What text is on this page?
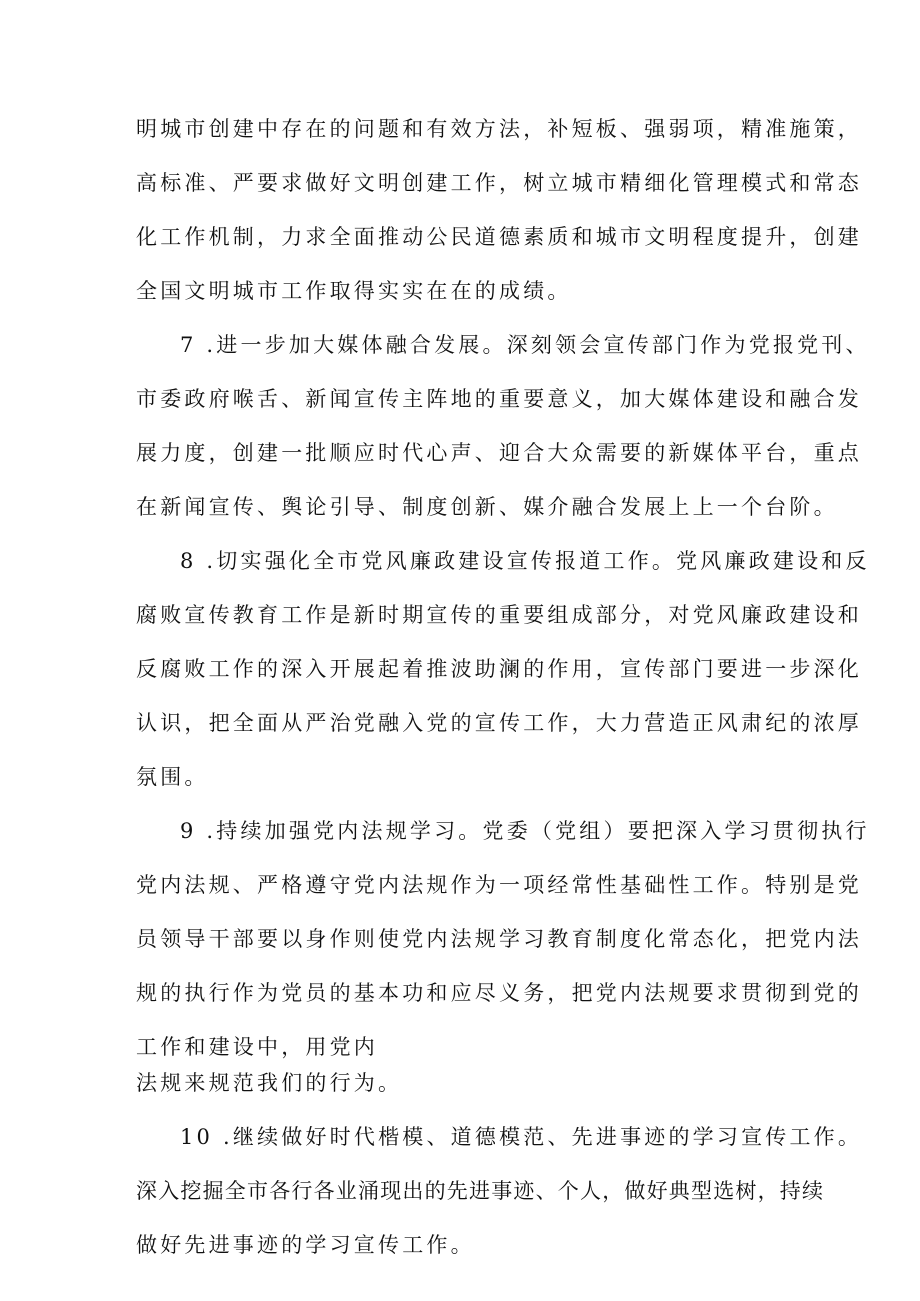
明城市创建中存在的问题和有效方法，补短板、强弱项，精准施策，
高标准、严要求做好文明创建工作，树立城市精细化管理模式和常态
化工作机制，力求全面推动公民道德素质和城市文明程度提升，创建
全国文明城市工作取得实实在在的成绩。

7 .进一步加大媒体融合发展。深刻领会宣传部门作为党报党刊、
市委政府喉舌、新闻宣传主阵地的重要意义，加大媒体建设和融合发
展力度，创建一批顺应时代心声、迎合大众需要的新媒体平台，重点
在新闻宣传、舆论引导、制度创新、媒介融合发展上上一个台阶。

8 .切实强化全市党风廉政建设宣传报道工作。党风廉政建设和反
腐败宣传教育工作是新时期宣传的重要组成部分，对党风廉政建设和
反腐败工作的深入开展起着推波助澜的作用，宣传部门要进一步深化
认识，把全面从严治党融入党的宣传工作，大力营造正风肃纪的浓厚
氛围。

9 .持续加强党内法规学习。党委（党组）要把深入学习贯彻执行
党内法规、严格遵守党内法规作为一项经常性基础性工作。特别是党
员领导干部要以身作则使党内法规学习教育制度化常态化，把党内法
规的执行作为党员的基本功和应尽义务，把党内法规要求贯彻到党的
工作和建设中，用党内
法规来规范我们的行为。

10 .继续做好时代楷模、道德模范、先进事迹的学习宣传工作。
深入挖掘全市各行各业涌现出的先进事迹、个人，做好典型选树，持续
做好先进事迹的学习宣传工作。
